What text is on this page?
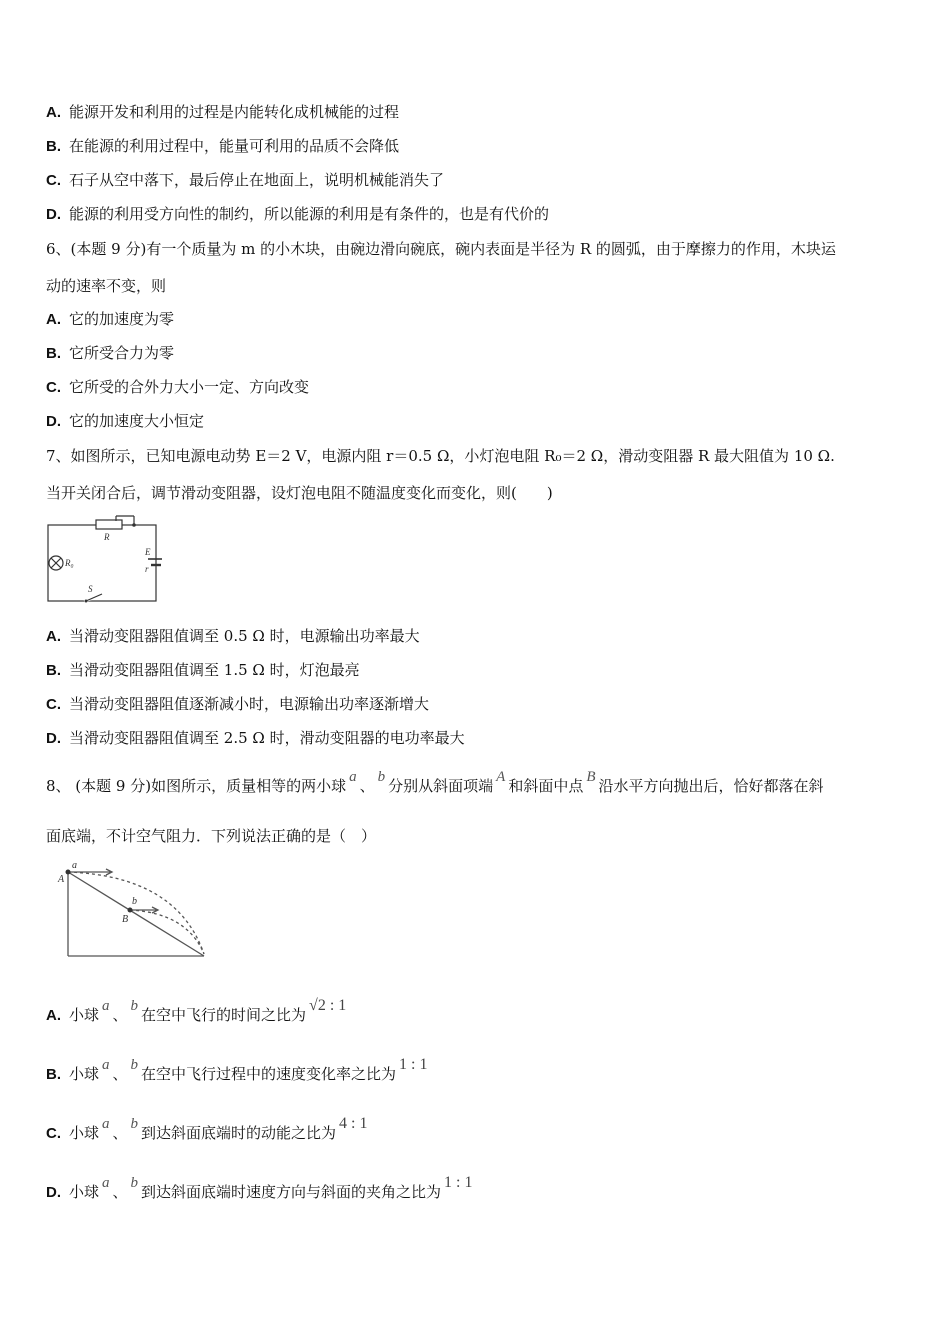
A. 能源开发和利用的过程是内能转化成机械能的过程
B. 在能源的利用过程中，能量可利用的品质不会降低
C. 石子从空中落下，最后停止在地面上，说明机械能消失了
D. 能源的利用受方向性的制约，所以能源的利用是有条件的，也是有代价的
6、(本题 9 分)有一个质量为 m 的小木块，由碗边滑向碗底，碗内表面是半径为 R 的圆弧，由于摩擦力的作用，木块运
动的速率不变，则
A. 它的加速度为零
B. 它所受合力为零
C. 它所受的合外力大小一定、方向改变
D. 它的加速度大小恒定
7、如图所示，已知电源电动势 E＝2 V，电源内阻 r＝0.5 Ω，小灯泡电阻 R₀＝2 Ω，滑动变阻器 R 最大阻值为 10 Ω.
当开关闭合后，调节滑动变阻器，设灯泡电阻不随温度变化而变化，则(　　)
R
E
r
R₀
S
A. 当滑动变阻器阻值调至 0.5 Ω 时，电源输出功率最大
B. 当滑动变阻器阻值调至 1.5 Ω 时，灯泡最亮
C. 当滑动变阻器阻值逐渐减小时，电源输出功率逐渐增大
D. 当滑动变阻器阻值调至 2.5 Ω 时，滑动变阻器的电功率最大
8、 (本题 9 分)如图所示，质量相等的两小球 a 、 b 分别从斜面项端 A 和斜面中点 B 沿水平方向抛出后，恰好都落在斜
面底端，不计空气阻力．下列说法正确的是（　）
a
A
b
B
A. 小球 a 、 b 在空中飞行的时间之比为√2 : 1
B. 小球 a 、 b 在空中飞行过程中的速度变化率之比为1 : 1
C. 小球 a 、 b 到达斜面底端时的动能之比为4 : 1
D. 小球 a 、 b 到达斜面底端时速度方向与斜面的夹角之比为1 : 1
